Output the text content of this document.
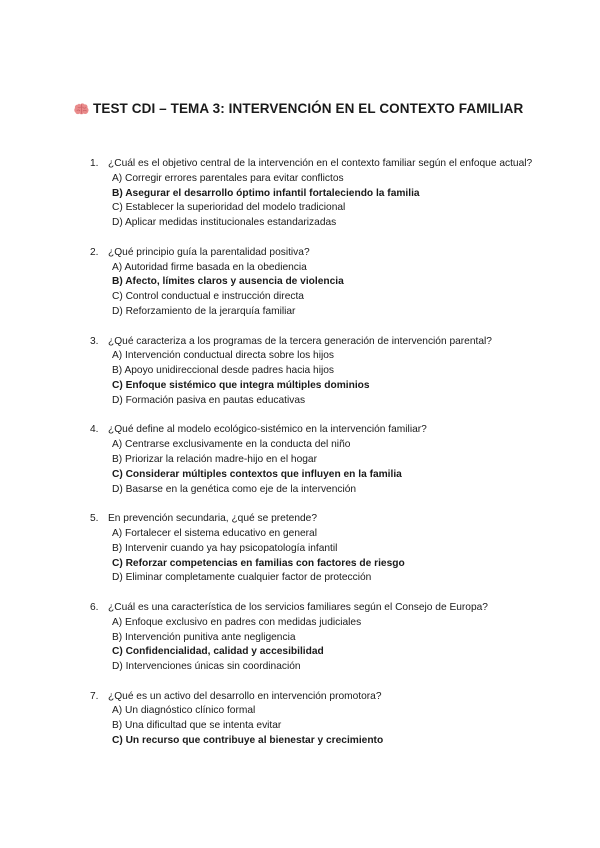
TEST CDI – TEMA 3: INTERVENCIÓN EN EL CONTEXTO FAMILIAR
1. ¿Cuál es el objetivo central de la intervención en el contexto familiar según el enfoque actual?
A) Corregir errores parentales para evitar conflictos
B) Asegurar el desarrollo óptimo infantil fortaleciendo la familia
C) Establecer la superioridad del modelo tradicional
D) Aplicar medidas institucionales estandarizadas
2. ¿Qué principio guía la parentalidad positiva?
A) Autoridad firme basada en la obediencia
B) Afecto, límites claros y ausencia de violencia
C) Control conductual e instrucción directa
D) Reforzamiento de la jerarquía familiar
3. ¿Qué caracteriza a los programas de la tercera generación de intervención parental?
A) Intervención conductual directa sobre los hijos
B) Apoyo unidireccional desde padres hacia hijos
C) Enfoque sistémico que integra múltiples dominios
D) Formación pasiva en pautas educativas
4. ¿Qué define al modelo ecológico-sistémico en la intervención familiar?
A) Centrarse exclusivamente en la conducta del niño
B) Priorizar la relación madre-hijo en el hogar
C) Considerar múltiples contextos que influyen en la familia
D) Basarse en la genética como eje de la intervención
5. En prevención secundaria, ¿qué se pretende?
A) Fortalecer el sistema educativo en general
B) Intervenir cuando ya hay psicopatología infantil
C) Reforzar competencias en familias con factores de riesgo
D) Eliminar completamente cualquier factor de protección
6. ¿Cuál es una característica de los servicios familiares según el Consejo de Europa?
A) Enfoque exclusivo en padres con medidas judiciales
B) Intervención punitiva ante negligencia
C) Confidencialidad, calidad y accesibilidad
D) Intervenciones únicas sin coordinación
7. ¿Qué es un activo del desarrollo en intervención promotora?
A) Un diagnóstico clínico formal
B) Una dificultad que se intenta evitar
C) Un recurso que contribuye al bienestar y crecimiento
